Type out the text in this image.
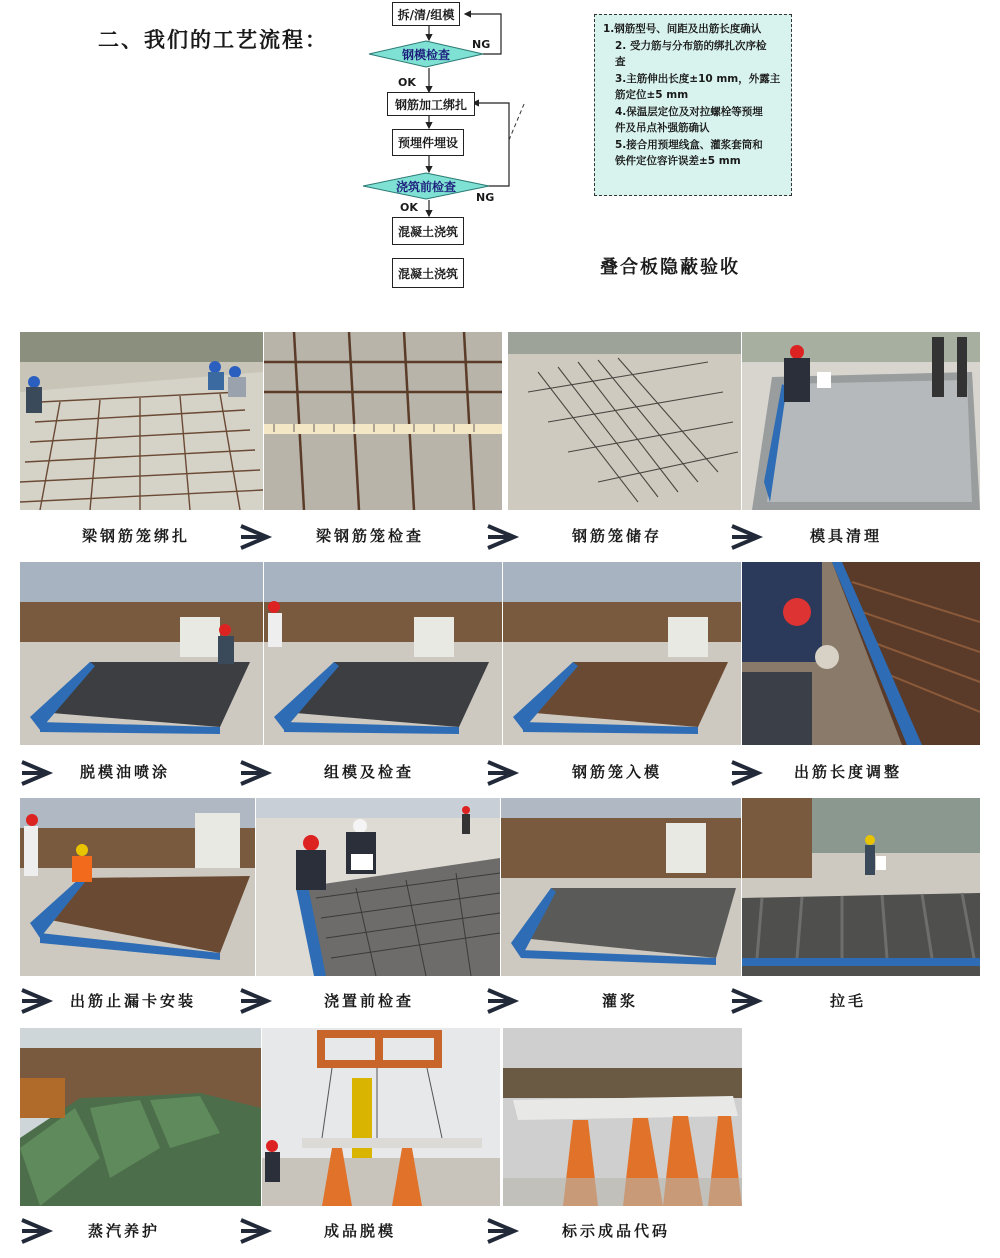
二、我们的工艺流程：
拆/清/组模
钢模检查
NG
OK
钢筋加工绑扎
预埋件埋设
浇筑前检查
NG
OK
混凝土浇筑
混凝土浇筑
1.钢筋型号、间距及出筋长度确认
2. 受力筋与分布筋的绑扎次序检
查
3.主筋伸出长度±10 mm，外露主
筋定位±5 mm
4.保温层定位及对拉螺栓等预埋
件及吊点补强筋确认
5.接合用预埋线盒、灌浆套筒和
铁件定位容许误差±5 mm
叠合板隐蔽验收
梁钢筋笼绑扎	梁钢筋笼检查	钢筋笼储存	模具清理
脱模油喷涂	组模及检查	钢筋笼入模	出筋长度调整
出筋止漏卡安装	浇置前检查	灌浆	拉毛
蒸汽养护	成品脱模	标示成品代码
